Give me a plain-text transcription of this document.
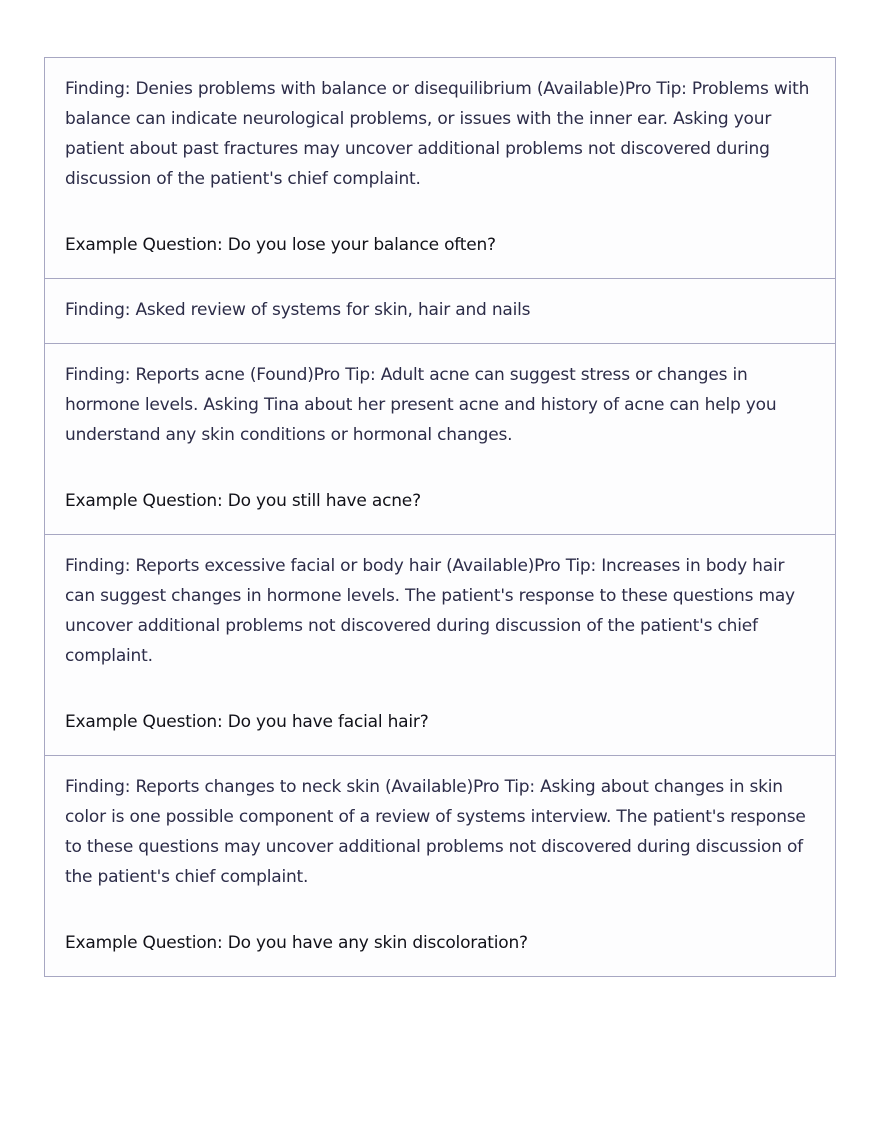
Finding: Denies problems with balance or disequilibrium (Available)Pro Tip: Problems with balance can indicate neurological problems, or issues with the inner ear. Asking your patient about past fractures may uncover additional problems not discovered during discussion of the patient's chief complaint.
Example Question: Do you lose your balance often?
Finding: Asked review of systems for skin, hair and nails
Finding: Reports acne (Found)Pro Tip: Adult acne can suggest stress or changes in hormone levels. Asking Tina about her present acne and history of acne can help you understand any skin conditions or hormonal changes.
Example Question: Do you still have acne?
Finding: Reports excessive facial or body hair (Available)Pro Tip: Increases in body hair can suggest changes in hormone levels. The patient's response to these questions may uncover additional problems not discovered during discussion of the patient's chief complaint.
Example Question: Do you have facial hair?
Finding: Reports changes to neck skin (Available)Pro Tip: Asking about changes in skin color is one possible component of a review of systems interview. The patient's response to these questions may uncover additional problems not discovered during discussion of the patient's chief complaint.
Example Question: Do you have any skin discoloration?
